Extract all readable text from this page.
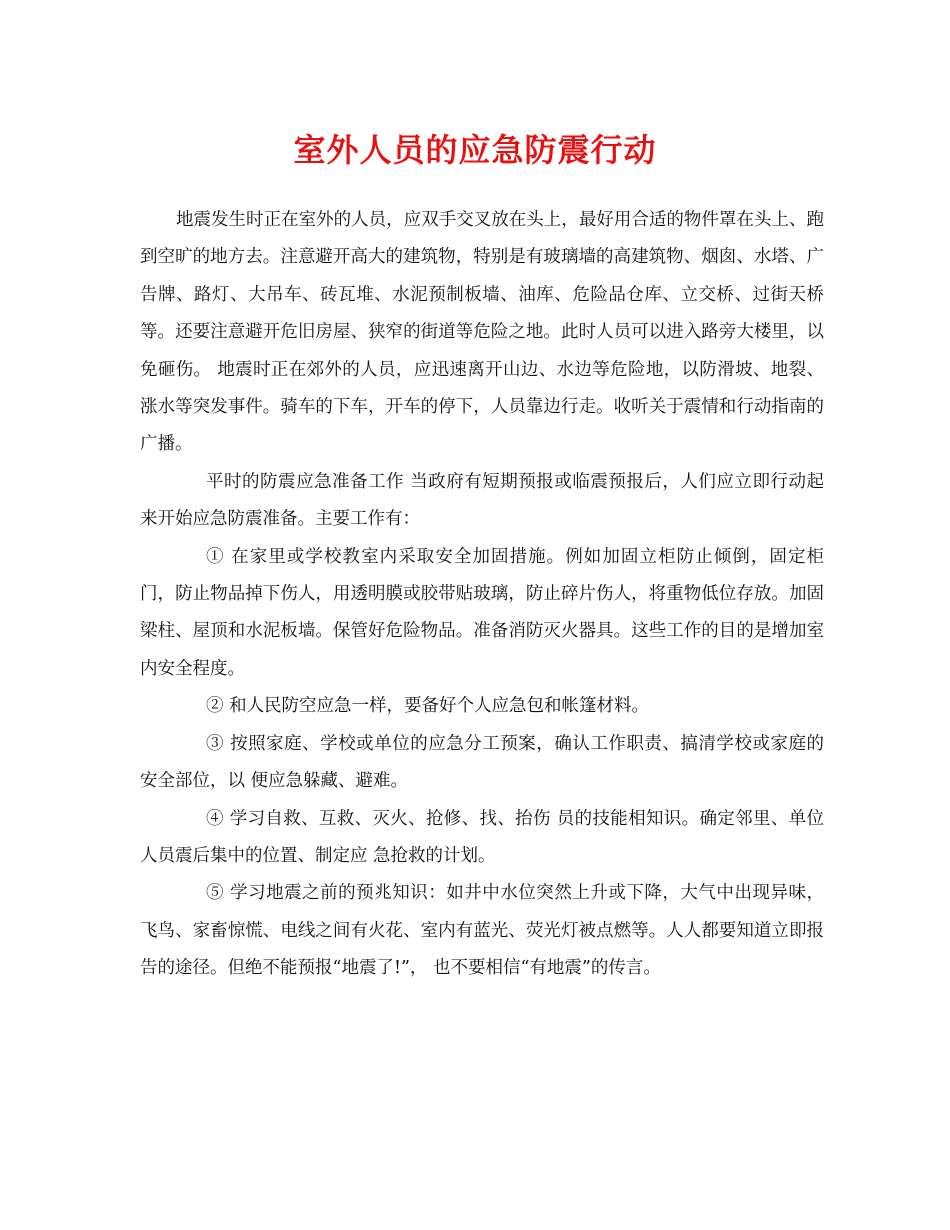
室外人员的应急防震行动

地震发生时正在室外的人员，应双手交叉放在头上，最好用合适的物件罩在头上、跑到空旷的地方去。注意避开高大的建筑物，特别是有玻璃墙的高建筑物、烟囱、水塔、广告牌、路灯、大吊车、砖瓦堆、水泥预制板墙、油库、危险品仓库、立交桥、过街天桥等。还要注意避开危旧房屋、狭窄的街道等危险之地。此时人员可以进入路旁大楼里，以免砸伤。 地震时正在郊外的人员，应迅速离开山边、水边等危险地，以防滑坡、地裂、涨水等突发事件。骑车的下车，开车的停下，人员靠边行走。收听关于震情和行动指南的广播。

平时的防震应急准备工作 当政府有短期预报或临震预报后，人们应立即行动起来开始应急防震准备。主要工作有：

① 在家里或学校教室内采取安全加固措施。例如加固立柜防止倾倒，固定柜门，防止物品掉下伤人，用透明膜或胶带贴玻璃，防止碎片伤人，将重物低位存放。加固梁柱、屋顶和水泥板墙。保管好危险物品。准备消防灭火器具。这些工作的目的是增加室内安全程度。

② 和人民防空应急一样，要备好个人应急包和帐篷材料。

③ 按照家庭、学校或单位的应急分工预案，确认工作职责、搞清学校或家庭的安全部位，以 便应急躲藏、避难。

④ 学习自救、互救、灭火、抢修、找、抬伤 员的技能相知识。确定邻里、单位人员震后集中的位置、制定应 急抢救的计划。

⑤ 学习地震之前的预兆知识：如井中水位突然上升或下降，大气中出现异味，飞鸟、家畜惊慌、电线之间有火花、室内有蓝光、荧光灯被点燃等。人人都要知道立即报告的途径。但绝不能预报“地震了!”， 也不要相信“有地震”的传言。
